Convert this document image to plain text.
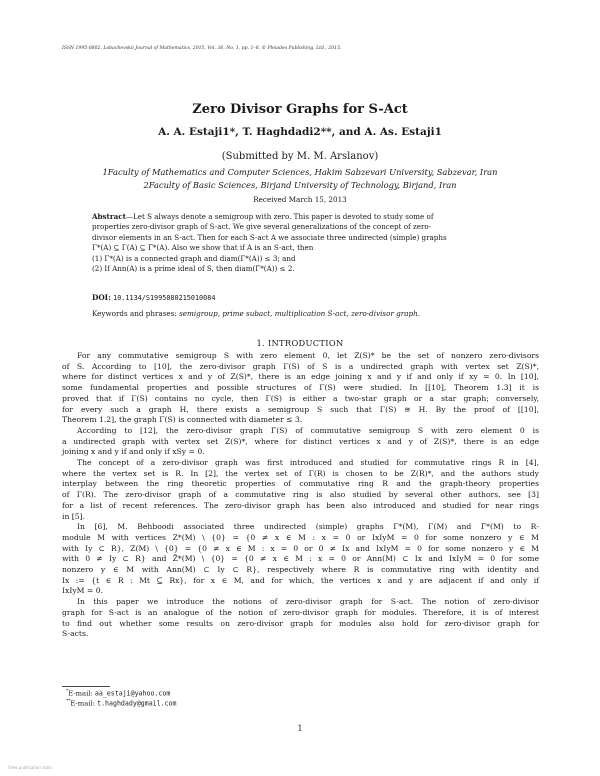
ISSN 1995-0802, Lobachevskii Journal of Mathematics, 2015, Vol. 36, No. 1, pp. 1–8. © Pleiades Publishing, Ltd., 2015.
Zero Divisor Graphs for S-Act
A. A. Estaji1*, T. Haghdadi2**, and A. As. Estaji1
(Submitted by M. M. Arslanov)
1Faculty of Mathematics and Computer Sciences, Hakim Sabzevari University, Sabzevar, Iran
2Faculty of Basic Sciences, Birjand University of Technology, Birjand, Iran
Received March 15, 2013

Abstract—Let S always denote a semigroup with zero. This paper is devoted to study some of

properties zero-divisor graph of S-act. We give several generalizations of the concept of zero-

divisor elements in an S-act. Then for each S-act A we associate three undirected (simple) graphs

Γ*(A) ⊆ Γ(A) ⊆ Γ̄*(A). Also we show that if A is an S-act, then

(1) Γ*(A) is a connected graph and diam(Γ*(A)) ≤ 3; and

(2) If Ann(A) is a prime ideal of S, then diam(Γ̄*(A)) ≤ 2.

DOI: 10.1134/S1995080215010084
Keywords and phrases: semigroup, prime subact, multiplication S-act, zero-divisor graph.
1. INTRODUCTION
For any commutative semigroup S with zero element 0, let Z(S)* be the set of nonzero zero-divisors
of S. According to [10], the zero-divisor graph Γ(S) of S is a undirected graph with vertex set Z(S)*,
where for distinct vertices x and y of Z(S)*, there is an edge joining x and y if and only if xy = 0. In [10],
some fundamental properties and possible structures of Γ(S) were studied. In [[10], Theorem 1.3] it is
proved that if Γ(S) contains no cycle, then Γ(S) is either a two-star graph or a star graph; conversely,
for every such a graph H, there exists a semigroup S such that Γ(S) ≅ H. By the proof of [[10],
Theorem 1.2], the graph Γ(S) is connected with diameter ≤ 3.
According to [12], the zero-divisor graph Γ̄(S) of commutative semigroup S with zero element 0 is
a undirected graph with vertex set Z(S)*, where for distinct vertices x and y of Z(S)*, there is an edge
joining x and y if and only if xSy = 0.
The concept of a zero-divisor graph was first introduced and studied for commutative rings R in [4],
where the vertex set is R. In [2], the vertex set of Γ(R) is chosen to be Z(R)*, and the authors study
interplay between the ring theoretic properties of commutative ring R and the graph-theory properties
of Γ(R). The zero-divisor graph of a commutative ring is also studied by several other authors, see [3]
for a list of recent references. The zero-divisor graph has been also introduced and studied for near rings
in [5].
In [6], M. Behboodi associated three undirected (simple) graphs Γ*(M), Γ(M) and Γ̄*(M) to R-
module M with vertices Z*(M) \ {0} = {0 ≠ x ∈ M : x = 0 or IxIyM = 0 for some nonzero y ∈ M
with Iy ⊂ R}, Z(M) \ {0} = {0 ≠ x ∈ M : x = 0 or 0 ≠ Ix and IxIyM = 0 for some nonzero y ∈ M
with 0 ≠ Iy ⊂ R} and Z̄*(M) \ {0} = {0 ≠ x ∈ M : x = 0 or Ann(M) ⊂ Ix and IxIyM = 0 for some
nonzero y ∈ M with Ann(M) ⊂ Iy ⊂ R}, respectively where R is commutative ring with identity and
Ix := {t ∈ R : Mt ⊆ Rx}, for x ∈ M, and for which, the vertices x and y are adjacent if and only if
IxIyM = 0.
In this paper we introduce the notions of zero-divisor graph for S-act. The notion of zero-divisor
graph for S-act is an analogue of the notion of zero-divisor graph for modules. Therefore, it is of interest
to find out whether some results on zero-divisor graph for modules also hold for zero-divisor graph for
S-acts.
*E-mail: aa_estaji@yahoo.com
**E-mail: t.haghdady@gmail.com
1
View publication stats
